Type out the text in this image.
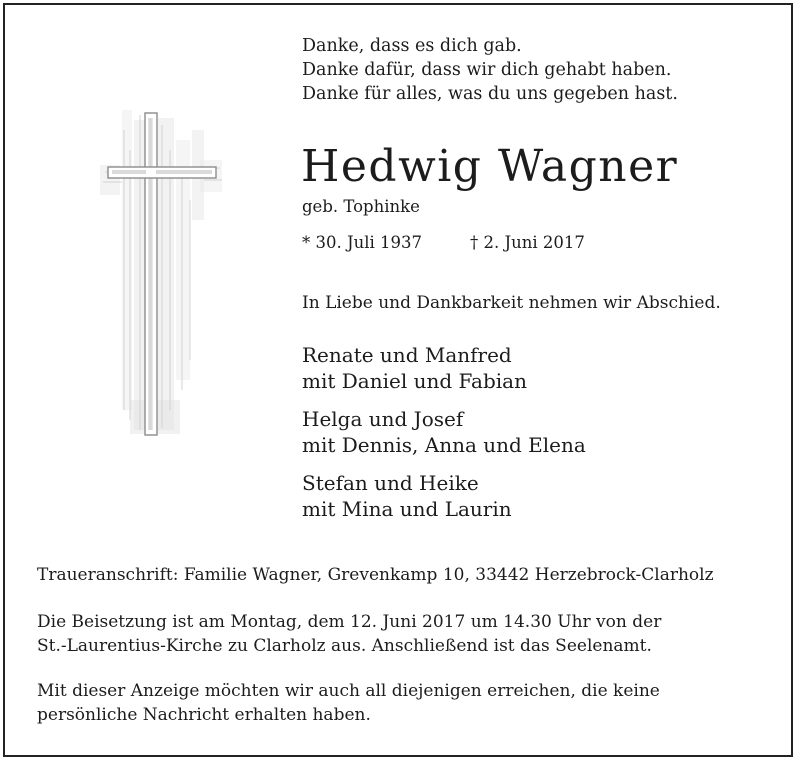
Danke, dass es dich gab.
Danke dafür, dass wir dich gehabt haben.
Danke für alles, was du uns gegeben hast.
Hedwig Wagner
geb. Tophinke
* 30. Juli 1937	† 2. Juni 2017
In Liebe und Dankbarkeit nehmen wir Abschied.
Renate und Manfred
mit Daniel und Fabian
Helga und Josef
mit Dennis, Anna und Elena
Stefan und Heike
mit Mina und Laurin
Traueranschrift: Familie Wagner, Grevenkamp 10, 33442 Herzebrock-Clarholz
Die Beisetzung ist am Montag, dem 12. Juni 2017 um 14.30 Uhr von der
St.-Laurentius-Kirche zu Clarholz aus. Anschließend ist das Seelenamt.
Mit dieser Anzeige möchten wir auch all diejenigen erreichen, die keine
persönliche Nachricht erhalten haben.
